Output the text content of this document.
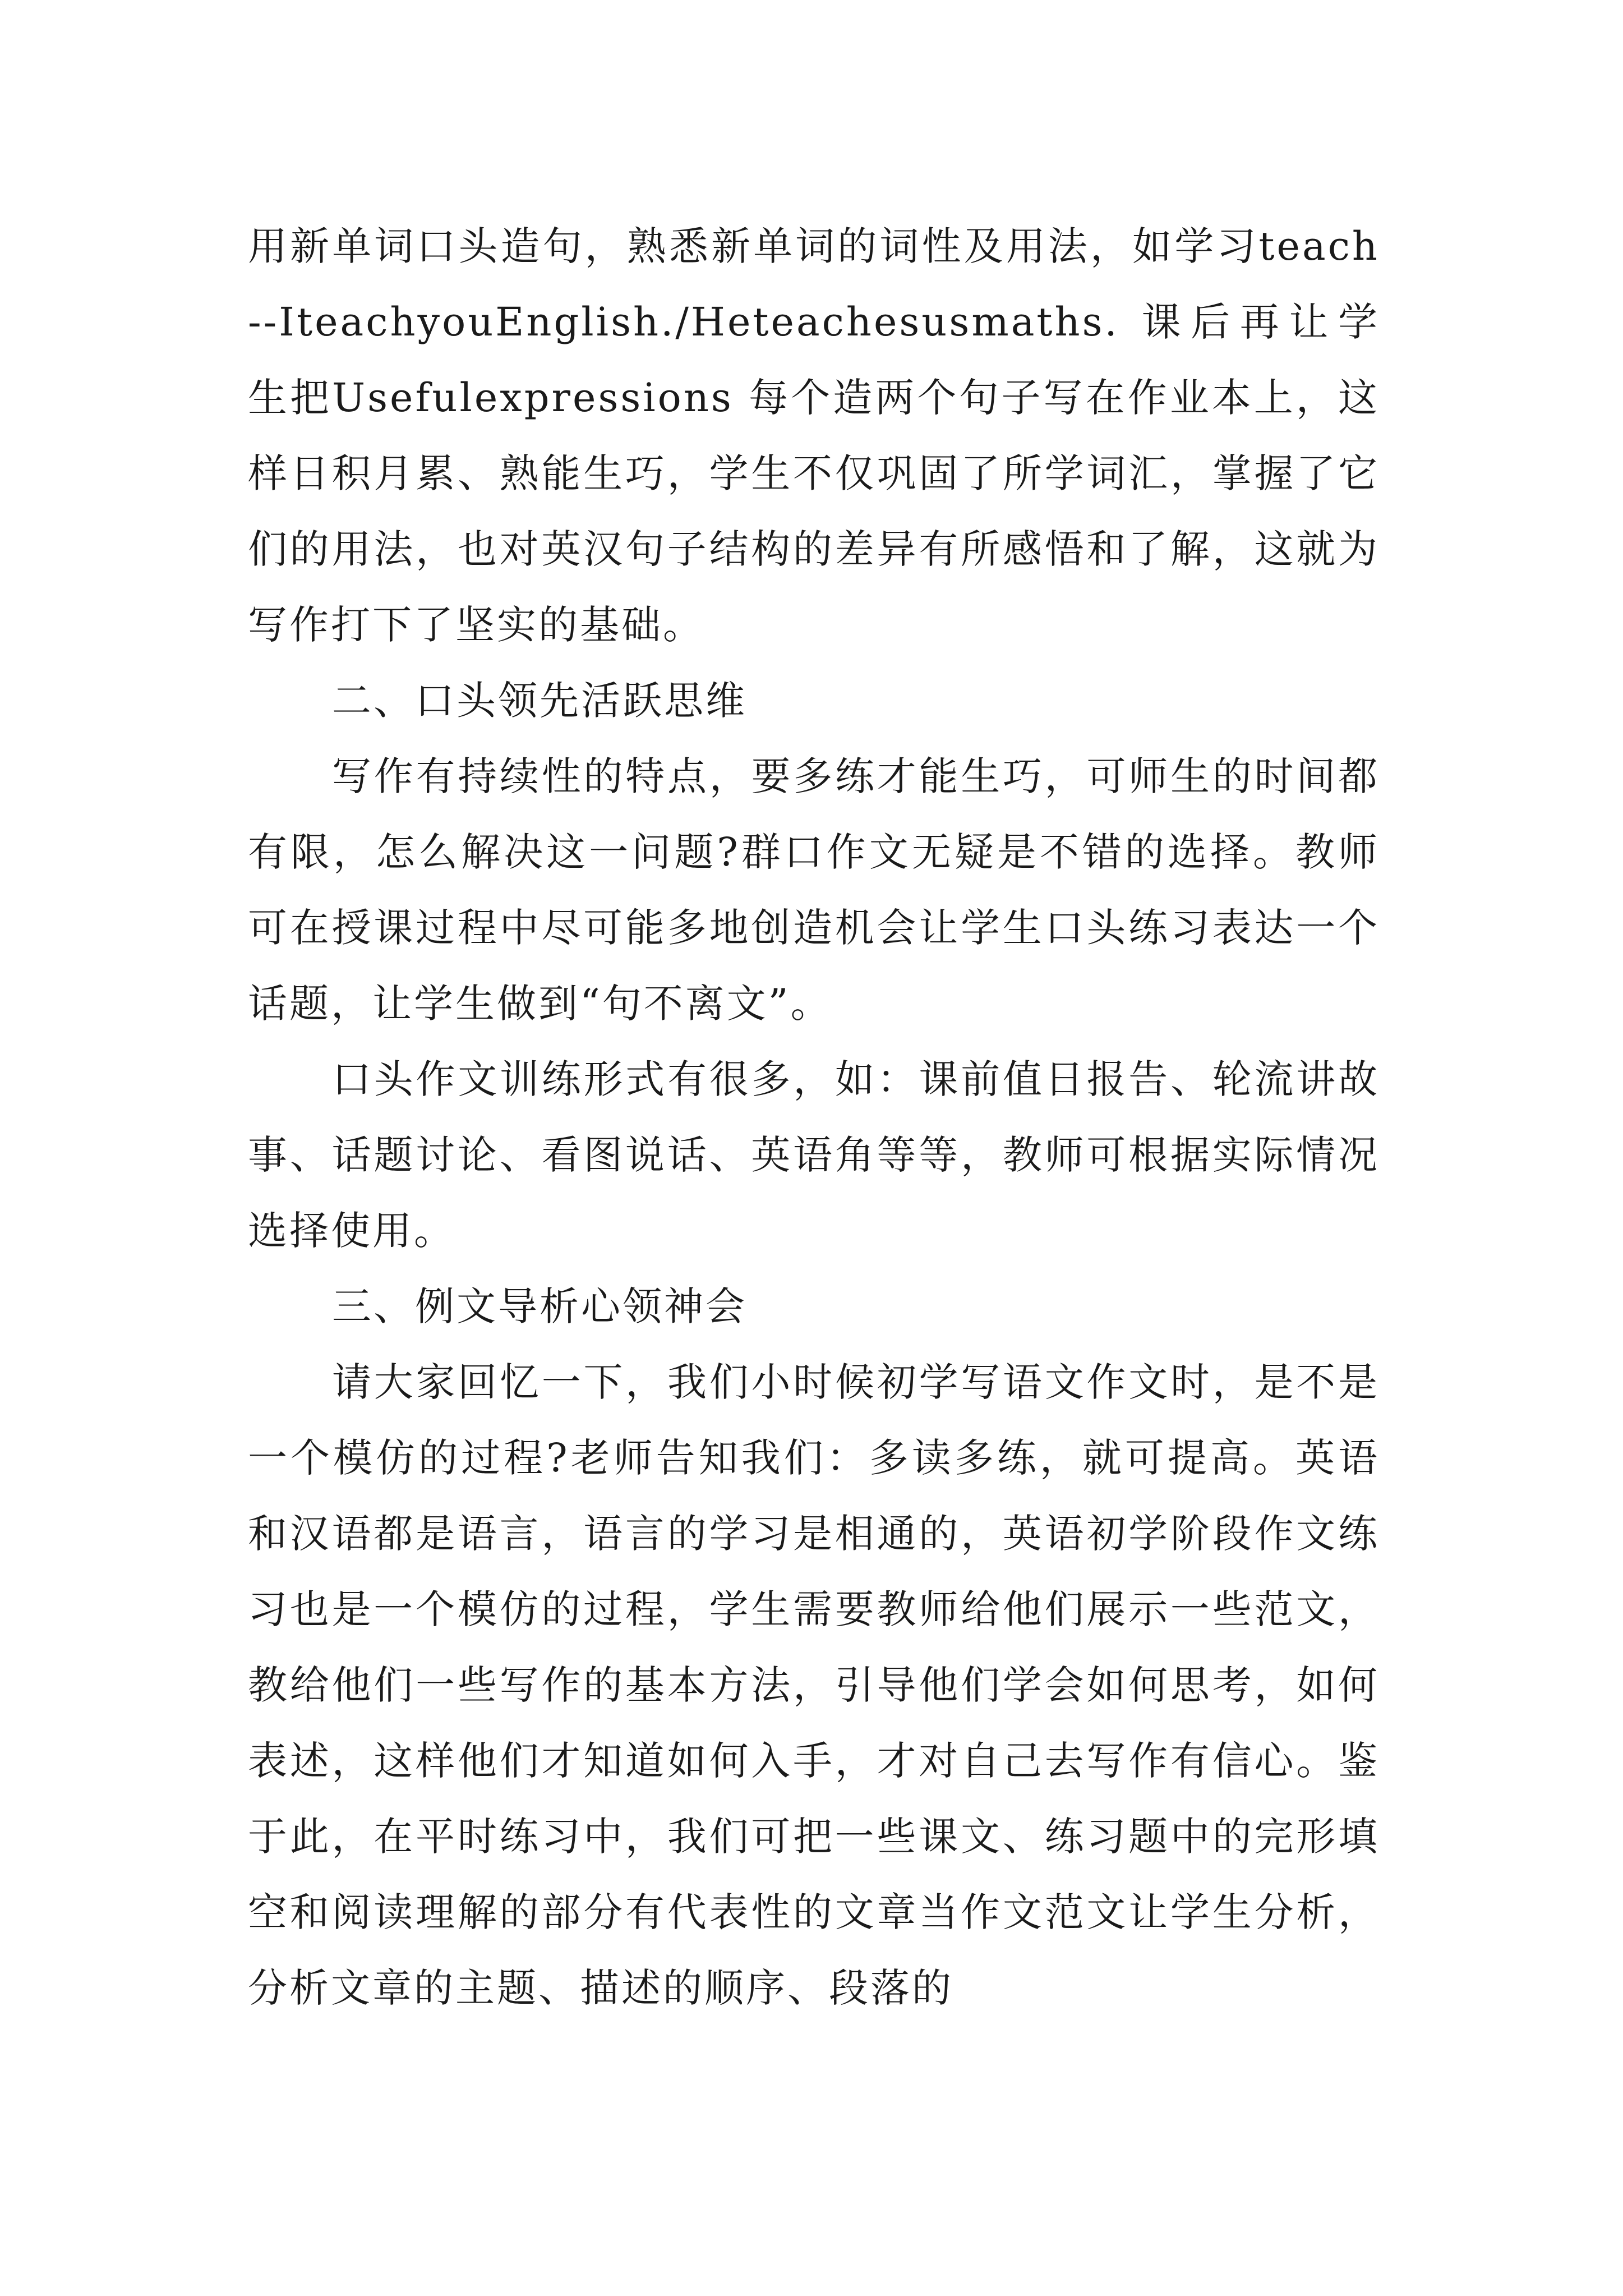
用新单词口头造句，熟悉新单词的词性及用法，如学习teach--IteachyouEnglish./Heteachesusmaths. 课后再让学生把Usefulexpressions 每个造两个句子写在作业本上，这样日积月累、熟能生巧，学生不仅巩固了所学词汇，掌握了它们的用法，也对英汉句子结构的差异有所感悟和了解，这就为写作打下了坚实的基础。

二、口头领先活跃思维

写作有持续性的特点，要多练才能生巧，可师生的时间都有限，怎么解决这一问题?群口作文无疑是不错的选择。教师可在授课过程中尽可能多地创造机会让学生口头练习表达一个话题，让学生做到“句不离文”。

口头作文训练形式有很多，如：课前值日报告、轮流讲故事、话题讨论、看图说话、英语角等等，教师可根据实际情况选择使用。

三、例文导析心领神会

请大家回忆一下，我们小时候初学写语文作文时，是不是一个模仿的过程?老师告知我们：多读多练，就可提高。英语和汉语都是语言，语言的学习是相通的，英语初学阶段作文练习也是一个模仿的过程，学生需要教师给他们展示一些范文，教给他们一些写作的基本方法，引导他们学会如何思考，如何表述，这样他们才知道如何入手，才对自己去写作有信心。鉴于此，在平时练习中，我们可把一些课文、练习题中的完形填空和阅读理解的部分有代表性的文章当作文范文让学生分析，分析文章的主题、描述的顺序、段落的
